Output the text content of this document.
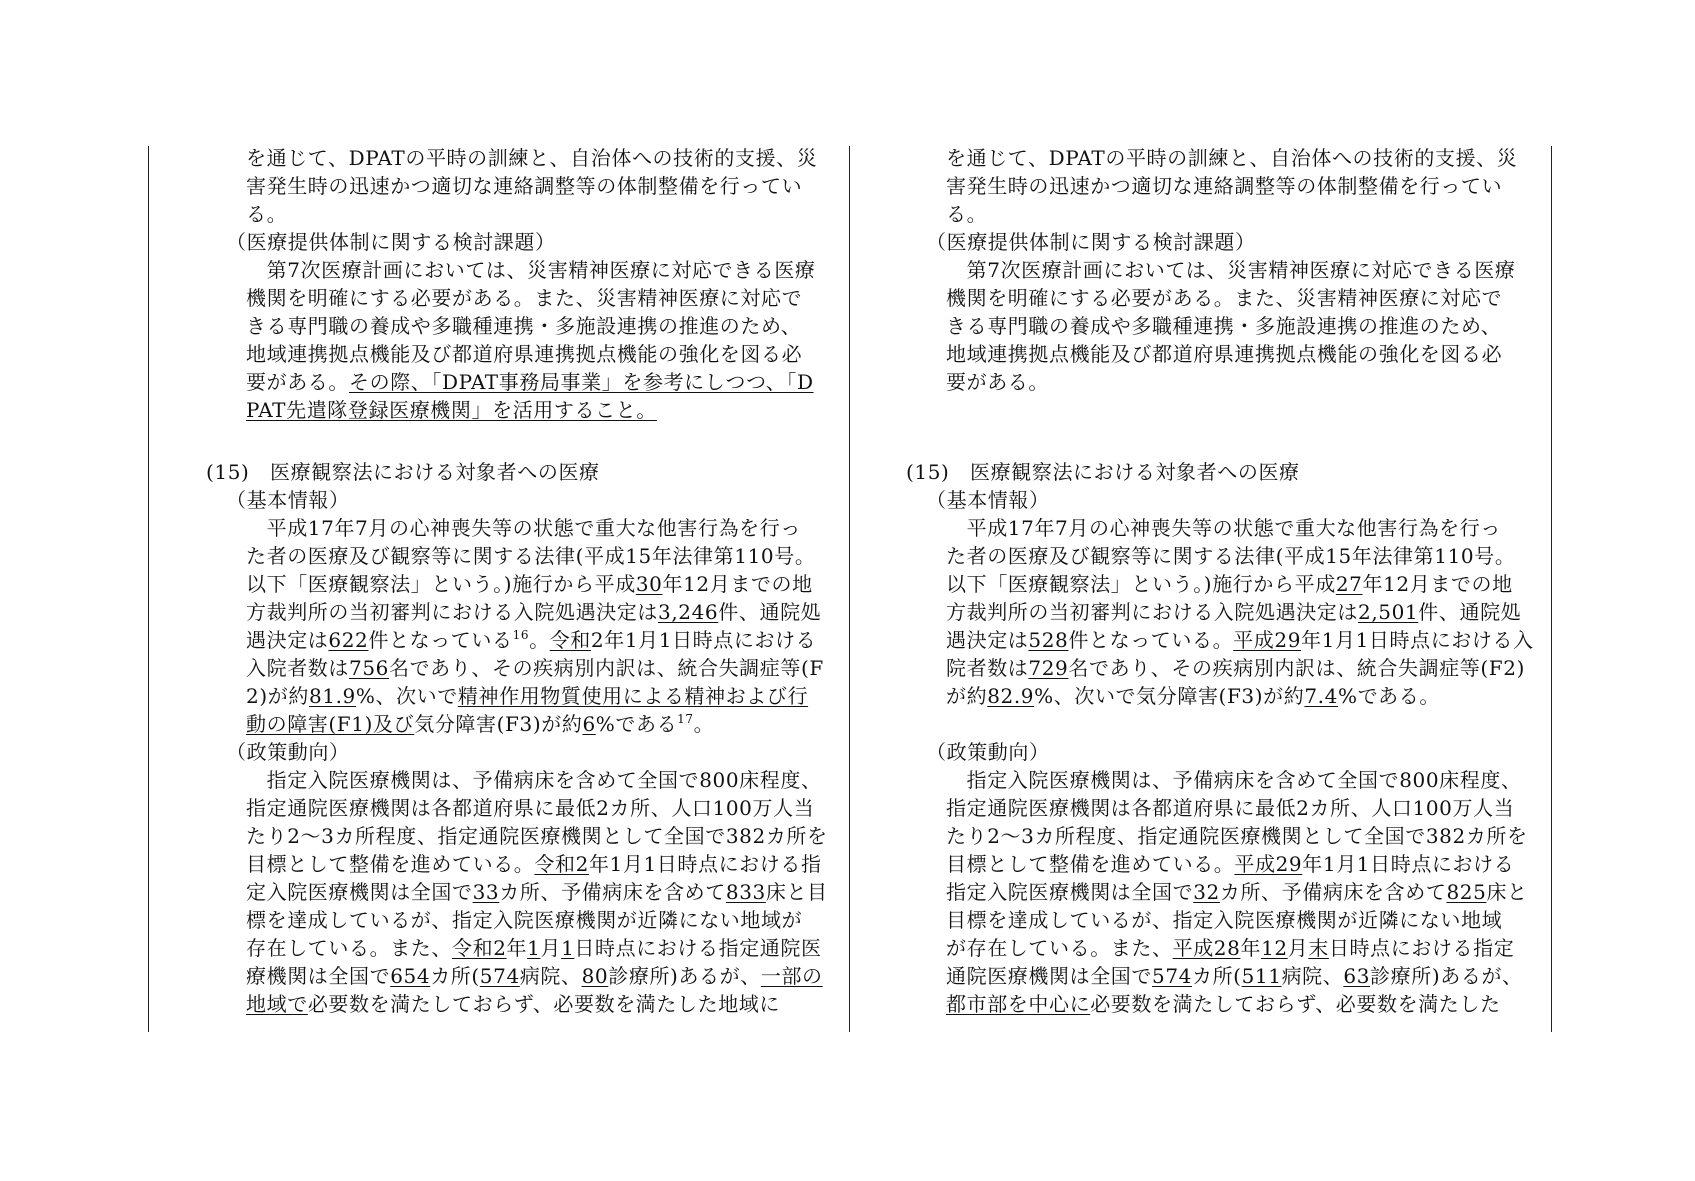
を通じて、DPATの平時の訓練と、自治体への技術的支援、災
害発生時の迅速かつ適切な連絡調整等の体制整備を行ってい
る。
（医療提供体制に関する検討課題）
　第7次医療計画においては、災害精神医療に対応できる医療
機関を明確にする必要がある。また、災害精神医療に対応で
きる専門職の養成や多職種連携・多施設連携の推進のため、
地域連携拠点機能及び都道府県連携拠点機能の強化を図る必
要がある。その際、「DPAT事務局事業」を参考にしつつ、「D
PAT先遣隊登録医療機関」を活用すること。
(15)　医療観察法における対象者への医療
（基本情報）
　平成17年7月の心神喪失等の状態で重大な他害行為を行っ
た者の医療及び観察等に関する法律(平成15年法律第110号。
以下「医療観察法」という。)施行から平成30年12月までの地
方裁判所の当初審判における入院処遇決定は3,246件、通院処
遇決定は622件となっている$^{16}$。令和2年1月1日時点における
入院者数は756名であり、その疾病別内訳は、統合失調症等(F
2)が約81.9%、次いで精神作用物質使用による精神および行
動の障害(F1)及び気分障害(F3)が約6%である$^{17}$。
（政策動向）
　指定入院医療機関は、予備病床を含めて全国で800床程度、
指定通院医療機関は各都道府県に最低2カ所、人口100万人当
たり2～3カ所程度、指定通院医療機関として全国で382カ所を
目標として整備を進めている。令和2年1月1日時点における指
定入院医療機関は全国で33カ所、予備病床を含めて833床と目
標を達成しているが、指定入院医療機関が近隣にない地域が
存在している。また、令和2年1月1日時点における指定通院医
療機関は全国で654カ所(574病院、80診療所)あるが、一部の
地域で必要数を満たしておらず、必要数を満たした地域に
を通じて、DPATの平時の訓練と、自治体への技術的支援、災
害発生時の迅速かつ適切な連絡調整等の体制整備を行ってい
る。
（医療提供体制に関する検討課題）
　第7次医療計画においては、災害精神医療に対応できる医療
機関を明確にする必要がある。また、災害精神医療に対応で
きる専門職の養成や多職種連携・多施設連携の推進のため、
地域連携拠点機能及び都道府県連携拠点機能の強化を図る必
要がある。
(15)　医療観察法における対象者への医療
（基本情報）
　平成17年7月の心神喪失等の状態で重大な他害行為を行っ
た者の医療及び観察等に関する法律(平成15年法律第110号。
以下「医療観察法」という。)施行から平成27年12月までの地
方裁判所の当初審判における入院処遇決定は2,501件、通院処
遇決定は528件となっている。平成29年1月1日時点における入
院者数は729名であり、その疾病別内訳は、統合失調症等(F2)
が約82.9%、次いで気分障害(F3)が約7.4%である。
（政策動向）
　指定入院医療機関は、予備病床を含めて全国で800床程度、
指定通院医療機関は各都道府県に最低2カ所、人口100万人当
たり2～3カ所程度、指定通院医療機関として全国で382カ所を
目標として整備を進めている。平成29年1月1日時点における
指定入院医療機関は全国で32カ所、予備病床を含めて825床と
目標を達成しているが、指定入院医療機関が近隣にない地域
が存在している。また、平成28年12月末日時点における指定
通院医療機関は全国で574カ所(511病院、63診療所)あるが、
都市部を中心に必要数を満たしておらず、必要数を満たした
